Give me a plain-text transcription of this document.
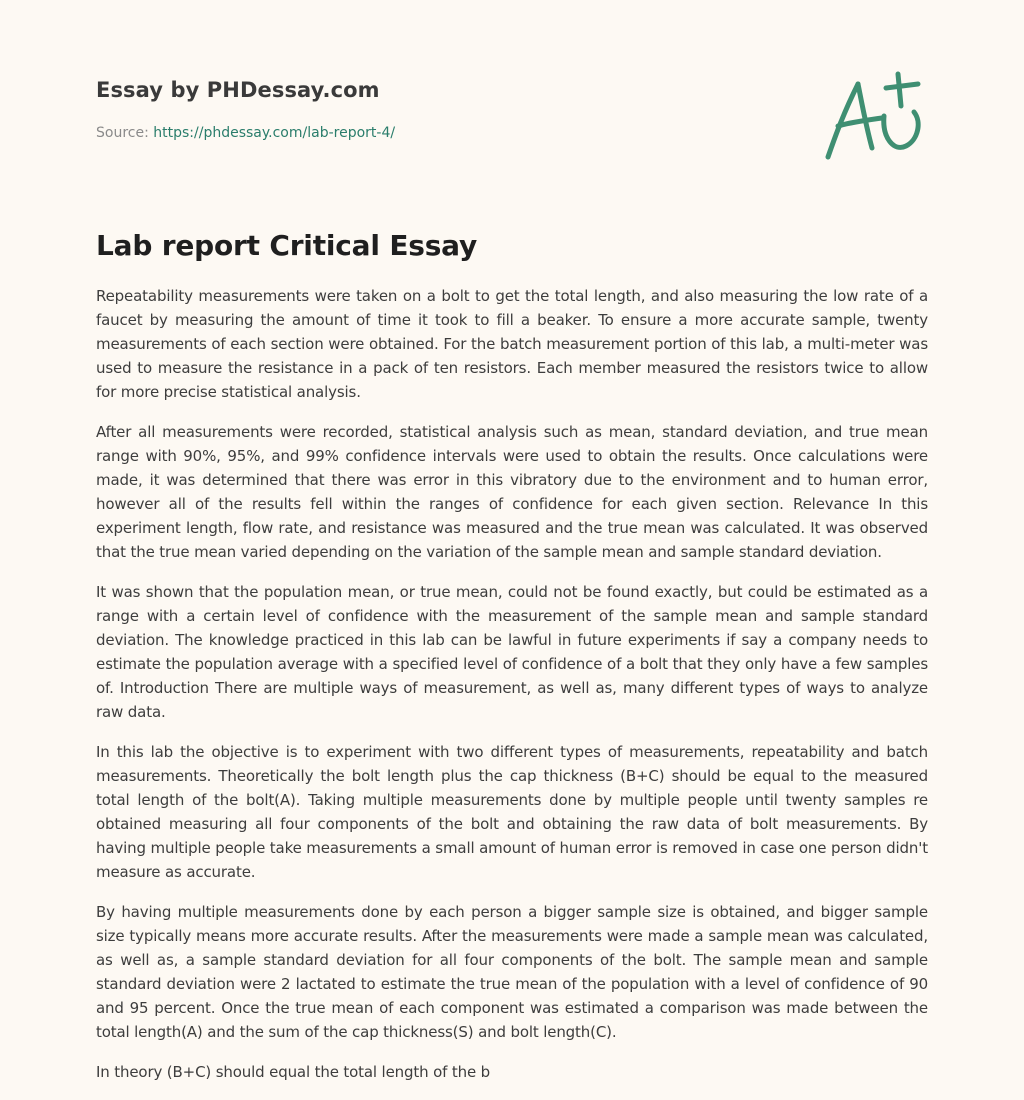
Essay by PHDessay.com
Source: https://phdessay.com/lab-report-4/
Lab report Critical Essay

Repeatability measurements were taken on a bolt to get the total length, and also measuring the low rate of a faucet by measuring the amount of time it took to fill a beaker. To ensure a more accurate sample, twenty measurements of each section were obtained. For the batch measurement portion of this lab, a multi-meter was used to measure the resistance in a pack of ten resistors. Each member measured the resistors twice to allow for more precise statistical analysis.

After all measurements were recorded, statistical analysis such as mean, standard deviation, and true mean range with 90%, 95%, and 99% confidence intervals were used to obtain the results. Once calculations were made, it was determined that there was error in this vibratory due to the environment and to human error, however all of the results fell within the ranges of confidence for each given section. Relevance In this experiment length, flow rate, and resistance was measured and the true mean was calculated. It was observed that the true mean varied depending on the variation of the sample mean and sample standard deviation.

It was shown that the population mean, or true mean, could not be found exactly, but could be estimated as a range with a certain level of confidence with the measurement of the sample mean and sample standard deviation. The knowledge practiced in this lab can be lawful in future experiments if say a company needs to estimate the population average with a specified level of confidence of a bolt that they only have a few samples of. Introduction There are multiple ways of measurement, as well as, many different types of ways to analyze raw data.

In this lab the objective is to experiment with two different types of measurements, repeatability and batch measurements. Theoretically the bolt length plus the cap thickness (B+C) should be equal to the measured total length of the bolt(A). Taking multiple measurements done by multiple people until twenty samples re obtained measuring all four components of the bolt and obtaining the raw data of bolt measurements. By having multiple people take measurements a small amount of human error is removed in case one person didn't measure as accurate.

By having multiple measurements done by each person a bigger sample size is obtained, and bigger sample size typically means more accurate results. After the measurements were made a sample mean was calculated, as well as, a sample standard deviation for all four components of the bolt. The sample mean and sample standard deviation were 2 lactated to estimate the true mean of the population with a level of confidence of 90 and 95 percent. Once the true mean of each component was estimated a comparison was made between the total length(A) and the sum of the cap thickness(S) and bolt length(C).

In theory (B+C) should equal the total length of the b
